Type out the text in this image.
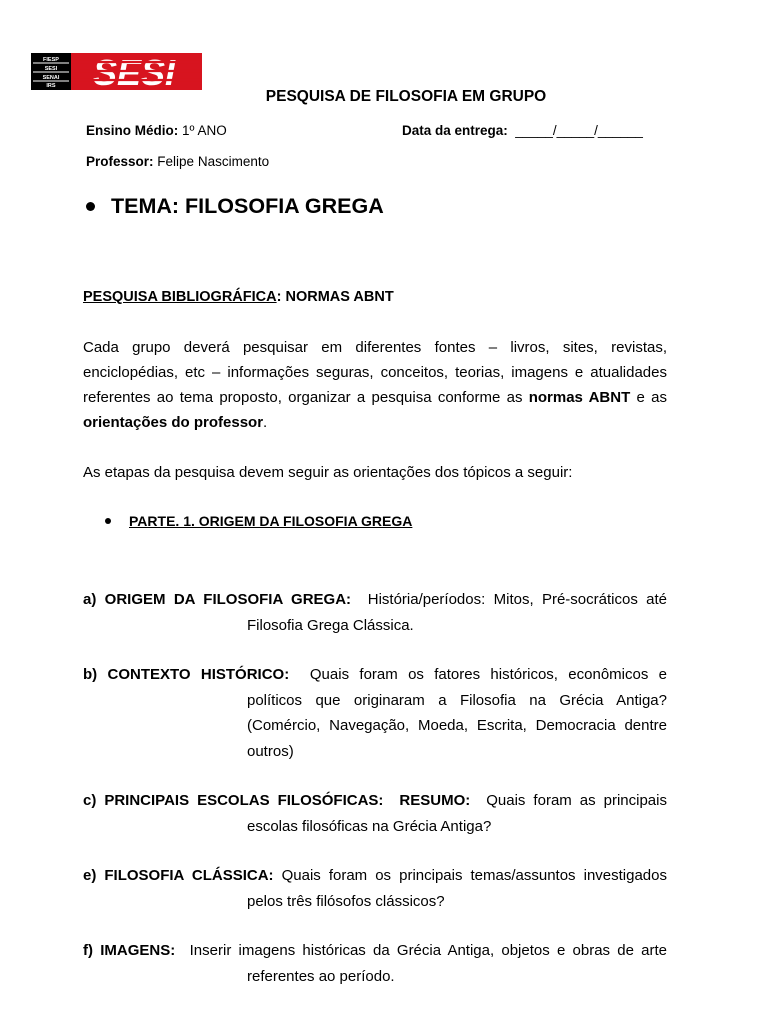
FIESP
SESI
SENAI
IRS SESI
PESQUISA DE FILOSOFIA EM GRUPO
Ensino Médio: 1º ANO	Data da entrega: _____/_____/______
Professor: Felipe Nascimento
TEMA: FILOSOFIA GREGA
PESQUISA BIBLIOGRÁFICA: NORMAS ABNT
Cada grupo deverá pesquisar em diferentes fontes – livros, sites, revistas, enciclopédias, etc – informações seguras, conceitos, teorias, imagens e atualidades referentes ao tema proposto, organizar a pesquisa conforme as normas ABNT e as orientações do professor.
As etapas da pesquisa devem seguir as orientações dos tópicos a seguir:
PARTE. 1. ORIGEM DA FILOSOFIA GREGA
a) ORIGEM DA FILOSOFIA GREGA: História/períodos: Mitos, Pré-socráticos até
Filosofia Grega Clássica.
b) CONTEXTO HISTÓRICO: Quais foram os fatores históricos, econômicos e
políticos que originaram a Filosofia na Grécia Antiga? (Comércio, Navegação, Moeda, Escrita, Democracia dentre outros)
c) PRINCIPAIS ESCOLAS FILOSÓFICAS: RESUMO: Quais foram as principais
escolas filosóficas na Grécia Antiga?
e) FILOSOFIA CLÁSSICA: Quais foram os principais temas/assuntos investigados
pelos três filósofos clássicos?
f) IMAGENS: Inserir imagens históricas da Grécia Antiga, objetos e obras de arte
referentes ao período.
